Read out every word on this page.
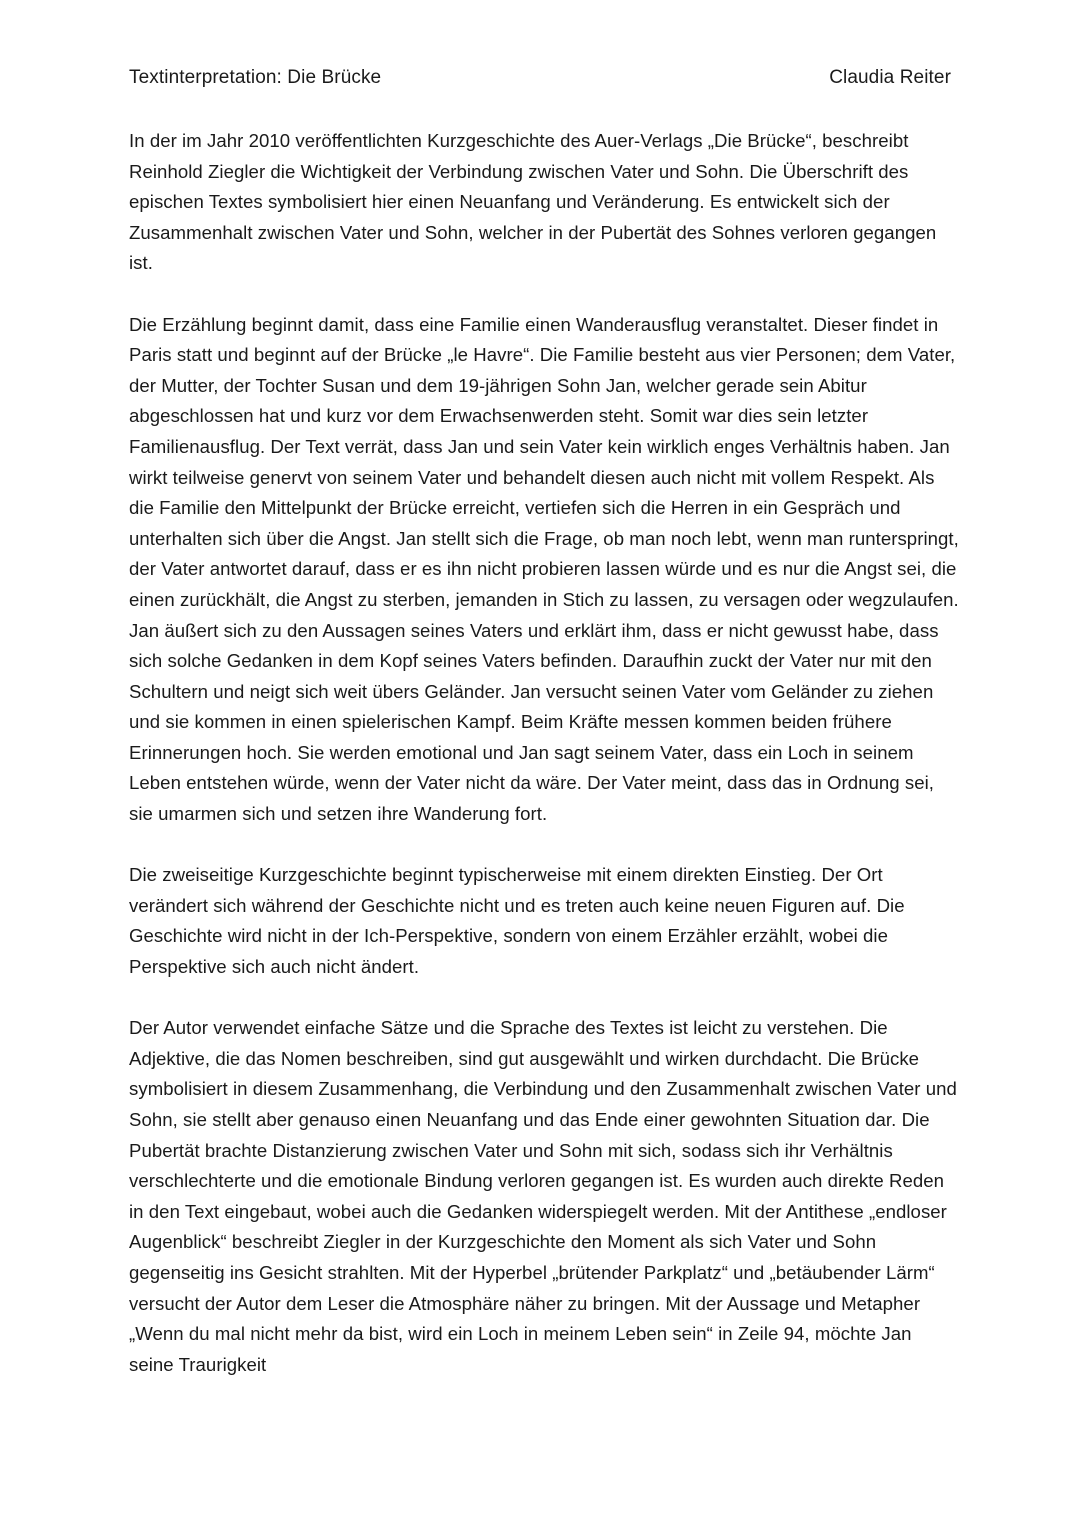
Textinterpretation: Die Brücke	Claudia Reiter

In der im Jahr 2010 veröffentlichten Kurzgeschichte des Auer-Verlags „Die Brücke“, beschreibt Reinhold Ziegler die Wichtigkeit der Verbindung zwischen Vater und Sohn. Die Überschrift des epischen Textes symbolisiert hier einen Neuanfang und Veränderung. Es entwickelt sich der Zusammenhalt zwischen Vater und Sohn, welcher in der Pubertät des Sohnes verloren gegangen ist.

Die Erzählung beginnt damit, dass eine Familie einen Wanderausflug veranstaltet. Dieser findet in Paris statt und beginnt auf der Brücke „le Havre“. Die Familie besteht aus vier Personen; dem Vater, der Mutter, der Tochter Susan und dem 19-jährigen Sohn Jan, welcher gerade sein Abitur abgeschlossen hat und kurz vor dem Erwachsenwerden steht. Somit war dies sein letzter Familienausflug. Der Text verrät, dass Jan und sein Vater kein wirklich enges Verhältnis haben. Jan wirkt teilweise genervt von seinem Vater und behandelt diesen auch nicht mit vollem Respekt. Als die Familie den Mittelpunkt der Brücke erreicht, vertiefen sich die Herren in ein Gespräch und unterhalten sich über die Angst. Jan stellt sich die Frage, ob man noch lebt, wenn man runterspringt, der Vater antwortet darauf, dass er es ihn nicht probieren lassen würde und es nur die Angst sei, die einen zurückhält, die Angst zu sterben, jemanden in Stich zu lassen, zu versagen oder wegzulaufen. Jan äußert sich zu den Aussagen seines Vaters und erklärt ihm, dass er nicht gewusst habe, dass sich solche Gedanken in dem Kopf seines Vaters befinden. Daraufhin zuckt der Vater nur mit den Schultern und neigt sich weit übers Geländer. Jan versucht seinen Vater vom Geländer zu ziehen und sie kommen in einen spielerischen Kampf. Beim Kräfte messen kommen beiden frühere Erinnerungen hoch. Sie werden emotional und Jan sagt seinem Vater, dass ein Loch in seinem Leben entstehen würde, wenn der Vater nicht da wäre. Der Vater meint, dass das in Ordnung sei, sie umarmen sich und setzen ihre Wanderung fort.

Die zweiseitige Kurzgeschichte beginnt typischerweise mit einem direkten Einstieg. Der Ort verändert sich während der Geschichte nicht und es treten auch keine neuen Figuren auf. Die Geschichte wird nicht in der Ich-Perspektive, sondern von einem Erzähler erzählt, wobei die Perspektive sich auch nicht ändert.

Der Autor verwendet einfache Sätze und die Sprache des Textes ist leicht zu verstehen. Die Adjektive, die das Nomen beschreiben, sind gut ausgewählt und wirken durchdacht. Die Brücke symbolisiert in diesem Zusammenhang, die Verbindung und den Zusammenhalt zwischen Vater und Sohn, sie stellt aber genauso einen Neuanfang und das Ende einer gewohnten Situation dar. Die Pubertät brachte Distanzierung zwischen Vater und Sohn mit sich, sodass sich ihr Verhältnis verschlechterte und die emotionale Bindung verloren gegangen ist. Es wurden auch direkte Reden in den Text eingebaut, wobei auch die Gedanken widerspiegelt werden. Mit der Antithese „endloser Augenblick“ beschreibt Ziegler in der Kurzgeschichte den Moment als sich Vater und Sohn gegenseitig ins Gesicht strahlten. Mit der Hyperbel „brütender Parkplatz“ und „betäubender Lärm“ versucht der Autor dem Leser die Atmosphäre näher zu bringen. Mit der Aussage und Metapher „Wenn du mal nicht mehr da bist, wird ein Loch in meinem Leben sein“ in Zeile 94, möchte Jan seine Traurigkeit
